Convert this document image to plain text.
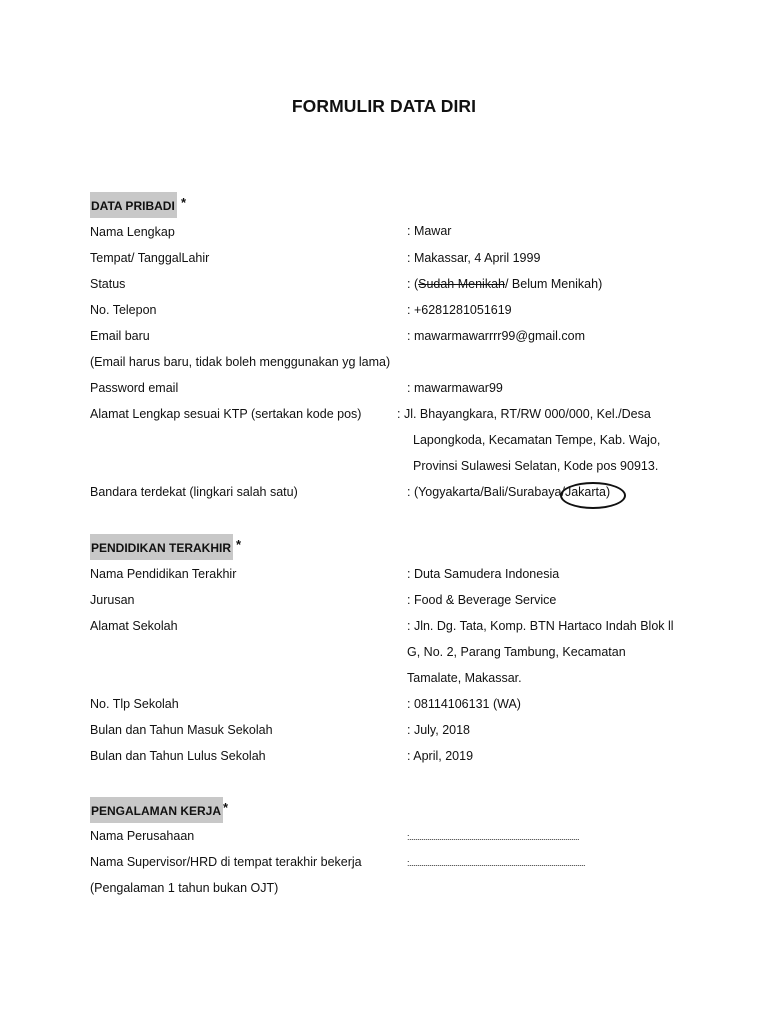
FORMULIR DATA DIRI
DATA PRIBADI *
Nama Lengkap	: Mawar
Tempat/ TanggalLahir	: Makassar, 4 April 1999
Status	: (Sudah Menikah/ Belum Menikah)
No. Telepon	: +6281281051619
Email baru	: mawarmawarrrr99@gmail.com
(Email harus baru, tidak boleh menggunakan yg lama)
Password email	: mawarmawar99
Alamat Lengkap sesuai KTP (sertakan kode pos)	: Jl. Bhayangkara, RT/RW 000/000, Kel./Desa
Lapongkoda, Kecamatan Tempe, Kab. Wajo,
Provinsi Sulawesi Selatan, Kode pos 90913.
Bandara terdekat (lingkari salah satu)	: (Yogyakarta/Bali/Surabaya/Jakarta)
PENDIDIKAN TERAKHIR *
Nama Pendidikan Terakhir	: Duta Samudera Indonesia
Jurusan	: Food & Beverage Service
Alamat Sekolah	: Jln. Dg. Tata, Komp. BTN Hartaco Indah Blok ll
G, No. 2, Parang Tambung, Kecamatan
Tamalate, Makassar.
No. Tlp Sekolah	: 08114106131 (WA)
Bulan dan Tahun Masuk Sekolah	: July, 2018
Bulan dan Tahun Lulus Sekolah	: April, 2019
PENGALAMAN KERJA *
Nama Perusahaan	:.....................................................................................
Nama Supervisor/HRD di tempat terakhir bekerja	:........................................................................................
(Pengalaman 1 tahun bukan OJT)
